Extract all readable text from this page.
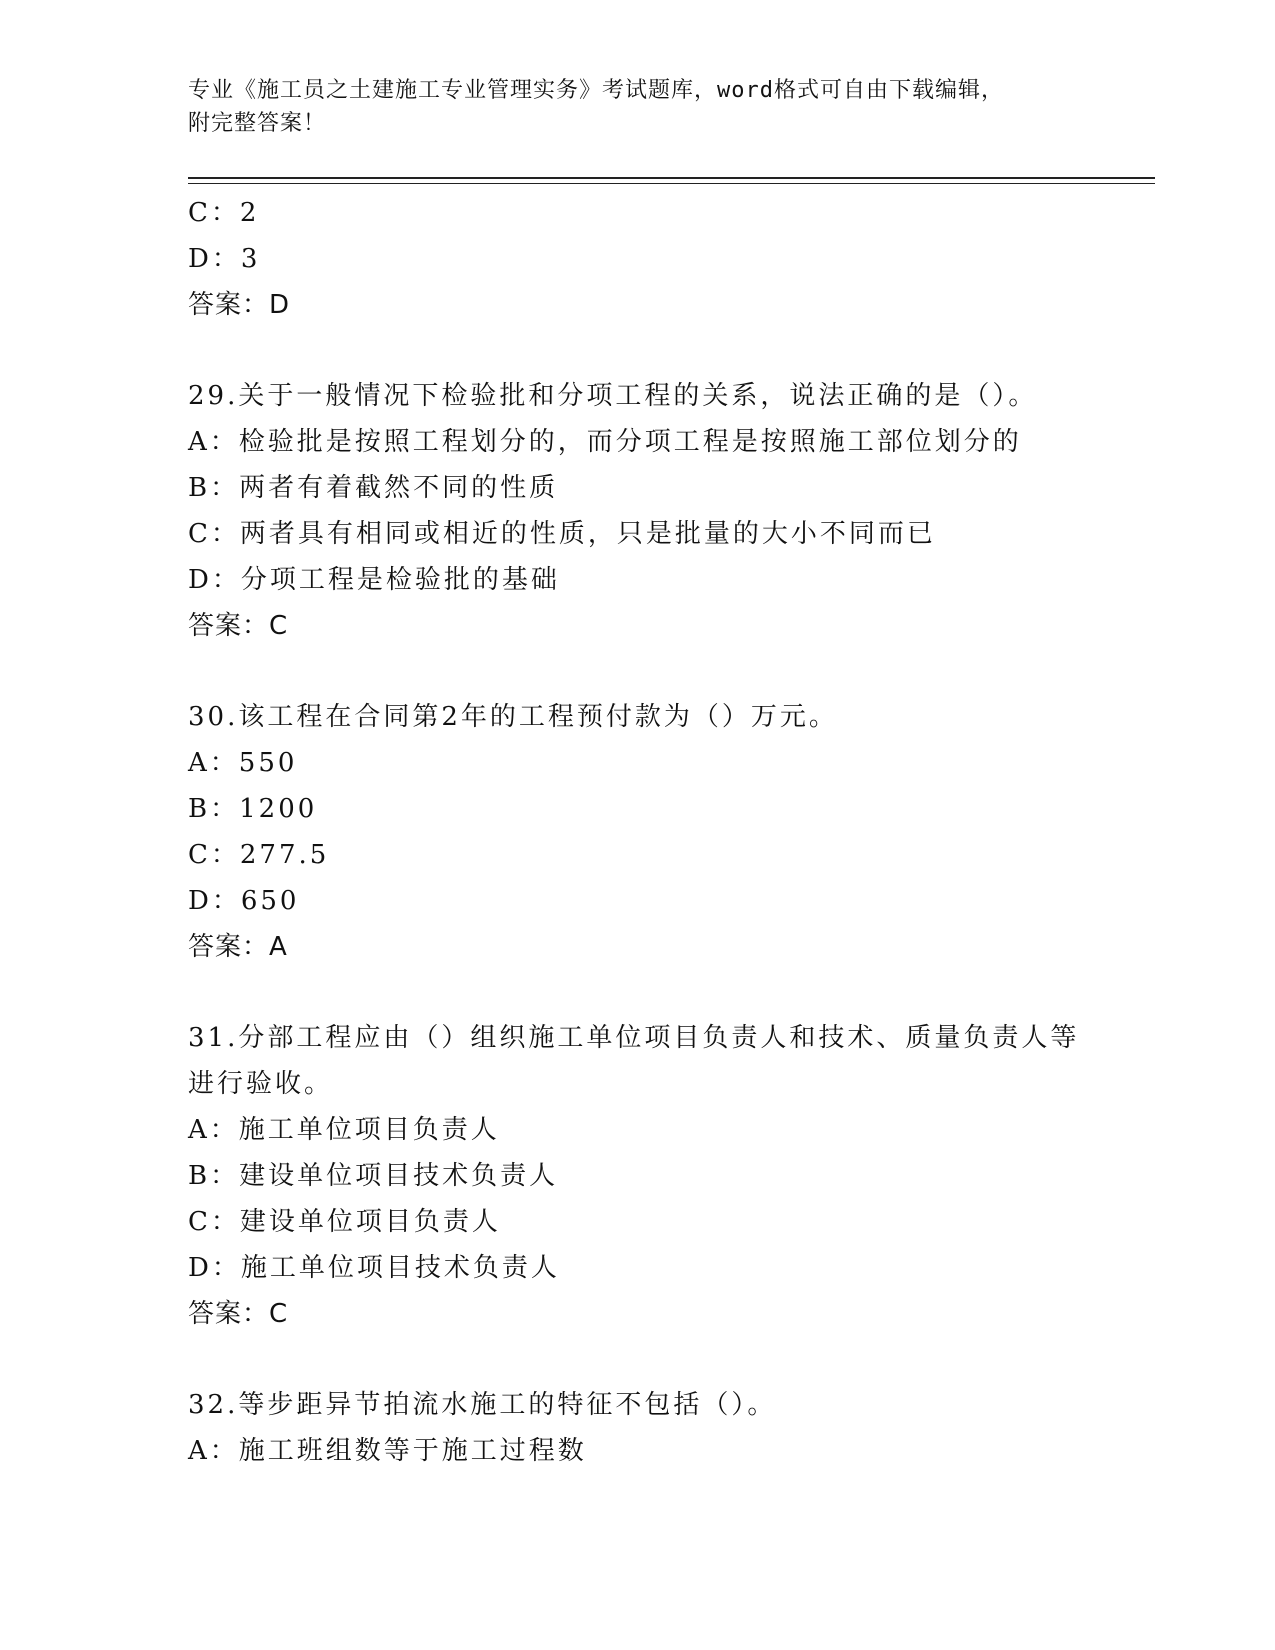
专业《施工员之土建施工专业管理实务》考试题库，word格式可自由下载编辑，
附完整答案！
C：2
D：3
答案：D
29.关于一般情况下检验批和分项工程的关系，说法正确的是（）。
A：检验批是按照工程划分的，而分项工程是按照施工部位划分的
B：两者有着截然不同的性质
C：两者具有相同或相近的性质，只是批量的大小不同而已
D：分项工程是检验批的基础
答案：C
30.该工程在合同第2年的工程预付款为（）万元。
A：550
B：1200
C：277.5
D：650
答案：A
31.分部工程应由（）组织施工单位项目负责人和技术、质量负责人等
进行验收。
A：施工单位项目负责人
B：建设单位项目技术负责人
C：建设单位项目负责人
D：施工单位项目技术负责人
答案：C
32.等步距异节拍流水施工的特征不包括（）。
A：施工班组数等于施工过程数
